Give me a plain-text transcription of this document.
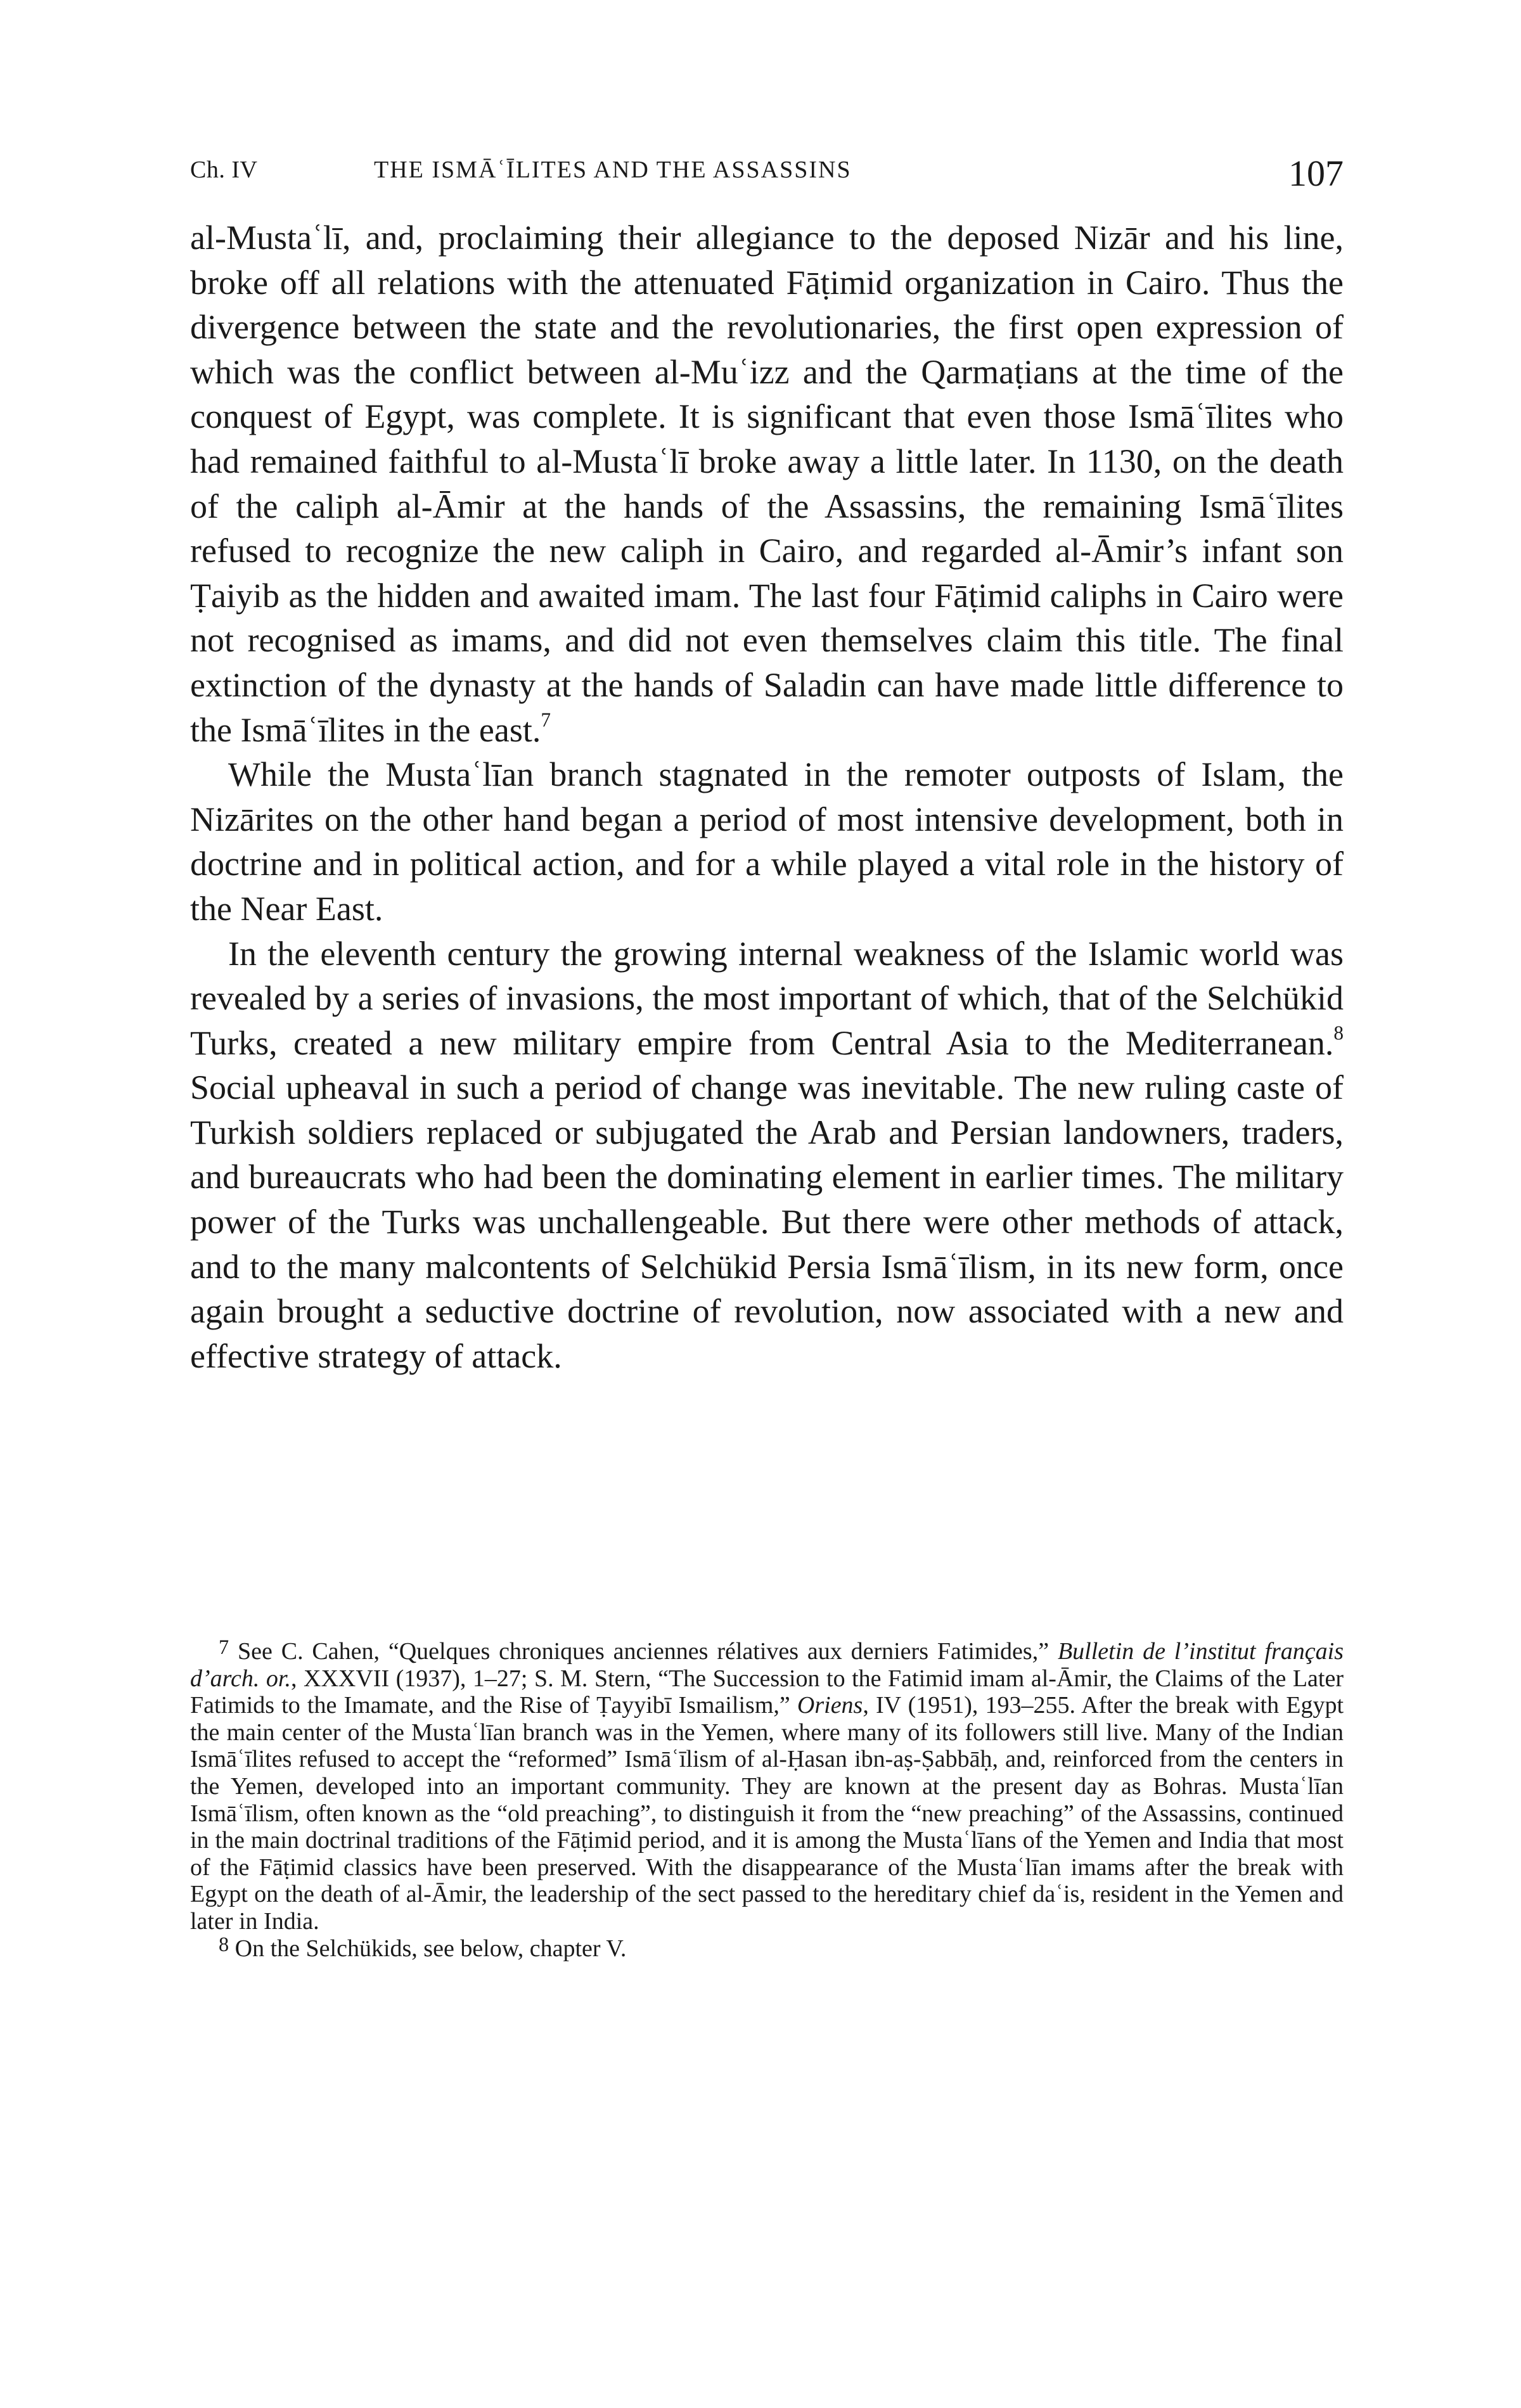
Ch. IV	THE ISMĀʿĪLITES AND THE ASSASSINS	107

al-Mustaʿlī, and, proclaiming their allegiance to the deposed Nizār and his line, broke off all relations with the attenuated Fāṭimid organization in Cairo. Thus the divergence between the state and the revolutionaries, the first open expression of which was the conflict between al-Muʿizz and the Qarmaṭians at the time of the conquest of Egypt, was complete. It is significant that even those Ismāʿīlites who had remained faithful to al-Mustaʿlī broke away a little later. In 1130, on the death of the caliph al-Āmir at the hands of the Assassins, the remaining Ismāʿīlites refused to recognize the new caliph in Cairo, and regarded al-Āmir’s infant son Ṭaiyib as the hidden and awaited imam. The last four Fāṭimid caliphs in Cairo were not recognised as imams, and did not even themselves claim this title. The final extinction of the dynasty at the hands of Saladin can have made little difference to the Ismāʿīlites in the east.$^7$

While the Mustaʿlīan branch stagnated in the remoter outposts of Islam, the Nizārites on the other hand began a period of most intensive development, both in doctrine and in political action, and for a while played a vital role in the history of the Near East.

In the eleventh century the growing internal weakness of the Islamic world was revealed by a series of invasions, the most important of which, that of the Selchükid Turks, created a new military empire from Central Asia to the Mediterranean.$^8$ Social upheaval in such a period of change was inevitable. The new ruling caste of Turkish soldiers replaced or subjugated the Arab and Persian landowners, traders, and bureaucrats who had been the dominating element in earlier times. The military power of the Turks was unchallengeable. But there were other methods of attack, and to the many malcontents of Selchükid Persia Ismāʿīlism, in its new form, once again brought a seductive doctrine of revolution, now associated with a new and effective strategy of attack.

$^7$ See C. Cahen, “Quelques chroniques anciennes rélatives aux derniers Fatimides,” Bulletin de l’institut français d’arch. or., XXXVII (1937), 1–27; S. M. Stern, “The Succession to the Fatimid imam al-Āmir, the Claims of the Later Fatimids to the Imamate, and the Rise of Ṭayyibī Ismailism,” Oriens, IV (1951), 193–255. After the break with Egypt the main center of the Mustaʿlīan branch was in the Yemen, where many of its followers still live. Many of the Indian Ismāʿīlites refused to accept the “reformed” Ismāʿīlism of al-Ḥasan ibn-aṣ-Ṣabbāḥ, and, reinforced from the centers in the Yemen, developed into an important community. They are known at the present day as Bohras. Mustaʿlīan Ismāʿīlism, often known as the “old preaching”, to distinguish it from the “new preaching” of the Assassins, continued in the main doctrinal traditions of the Fāṭimid period, and it is among the Mustaʿlīans of the Yemen and India that most of the Fāṭimid classics have been preserved. With the disappearance of the Mustaʿlīan imams after the break with Egypt on the death of al-Āmir, the leadership of the sect passed to the hereditary chief daʿis, resident in the Yemen and later in India.

$^8$ On the Selchükids, see below, chapter V.
